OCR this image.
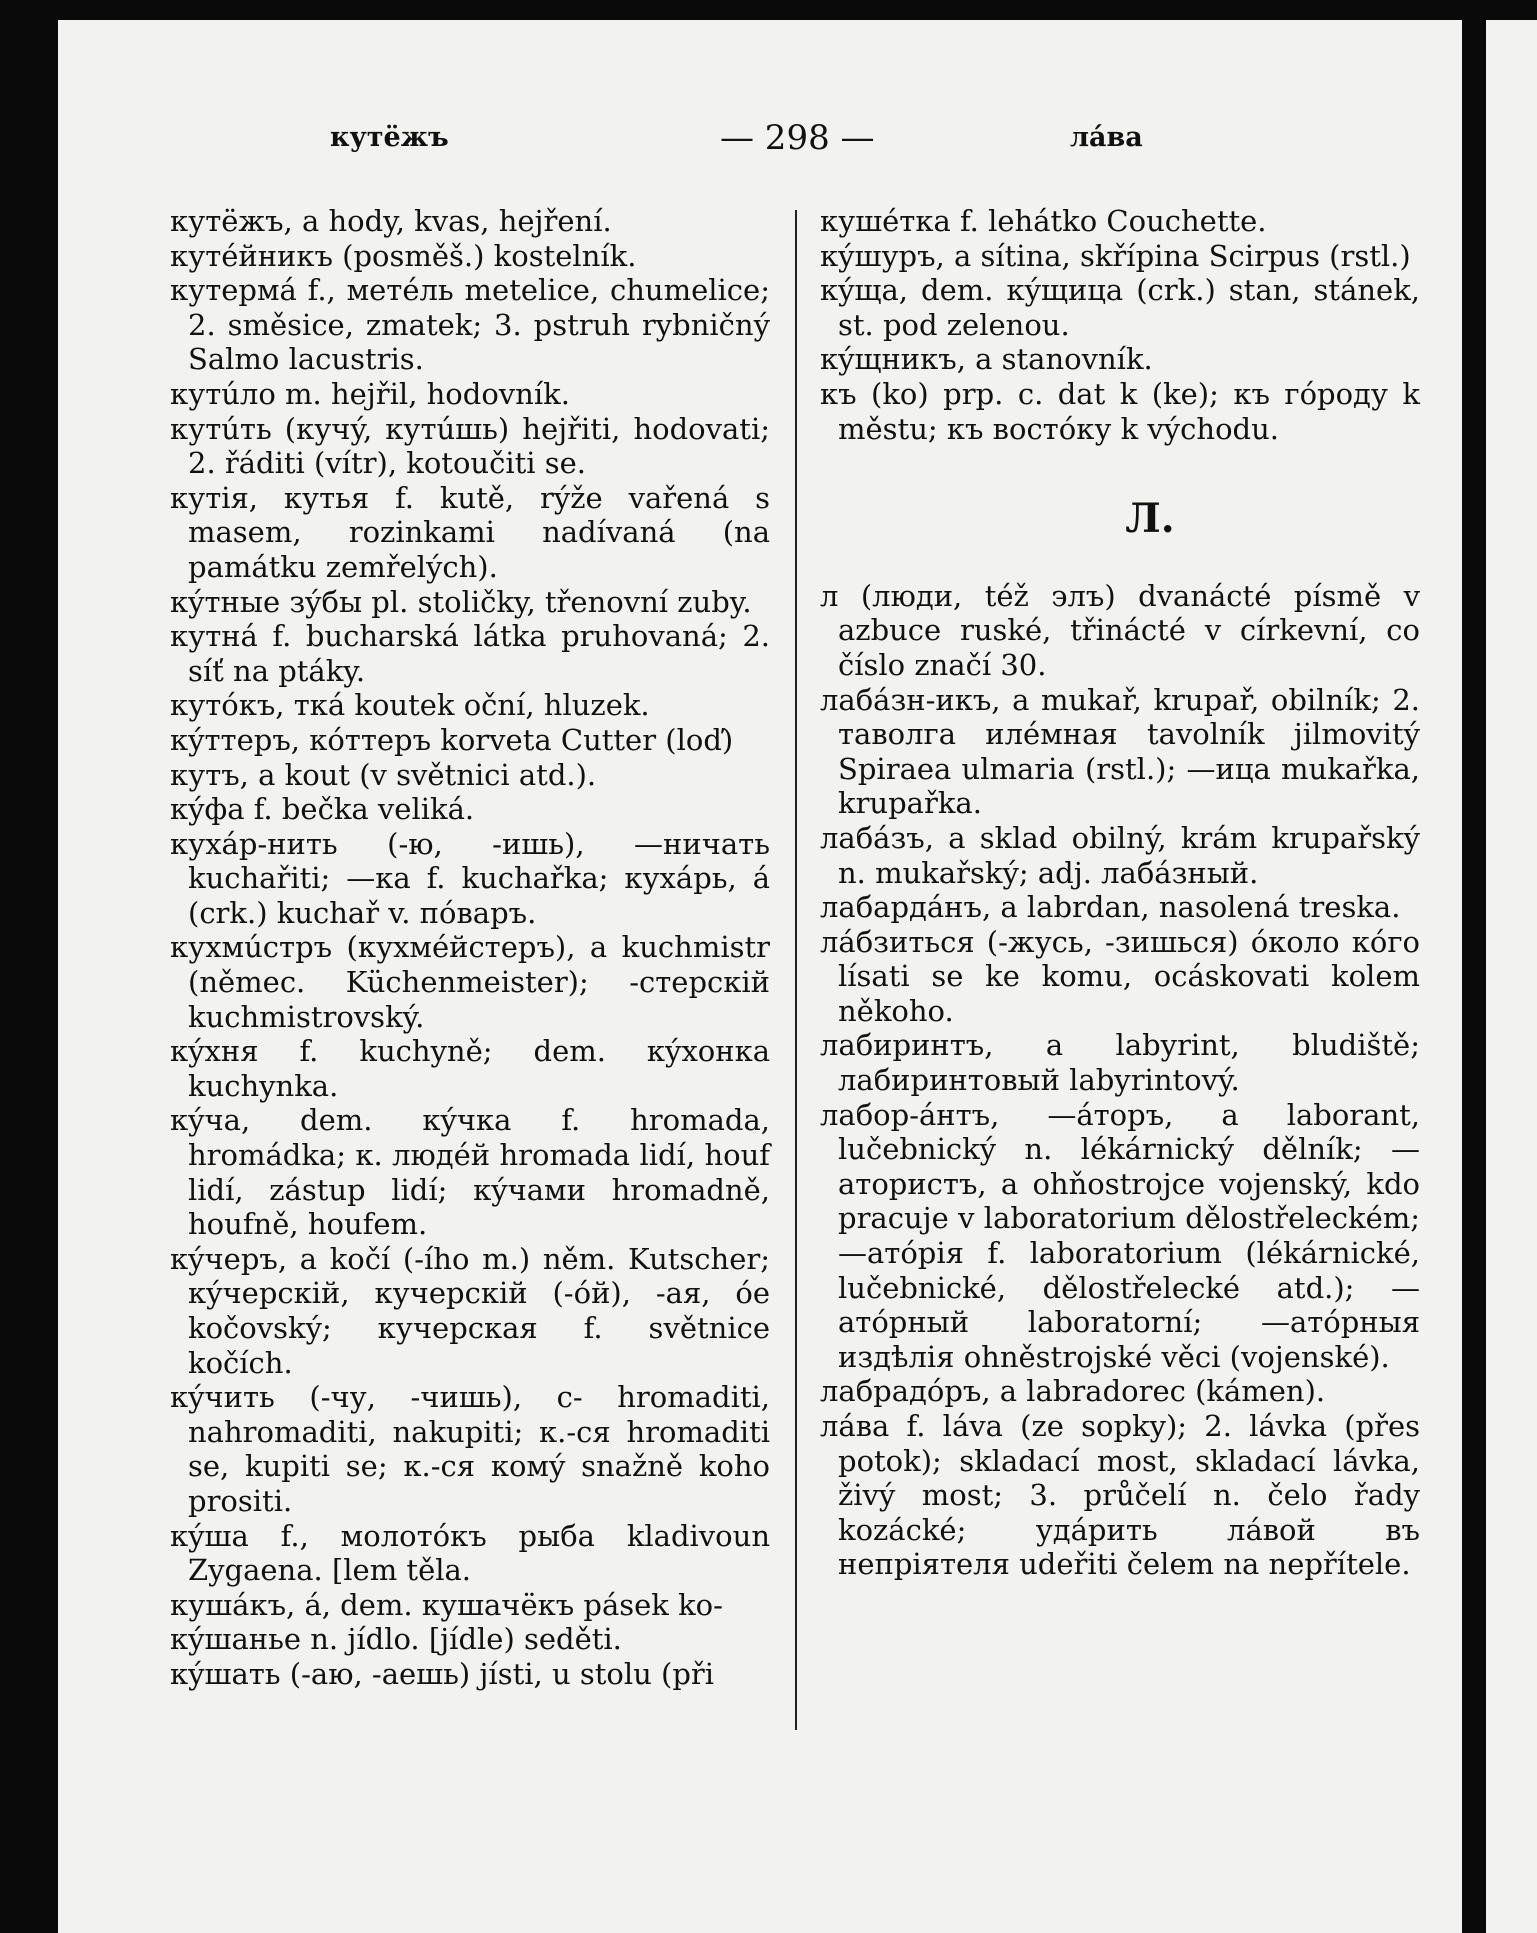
кутёжъ	— 298 —	лáва

кутёжъ, а hody, kvas, hejření.

кутéйникъ (posměš.) kostelník.

кутермá f., метéль metelice, chumelice; 2. směsice, zmatek; 3. pstruh rybničný Salmo lacustris.

кутúло m. hejřil, hodovník.

кутúть (кучý, кутúшь) hejřiti, hodovati; 2. řáditi (vítr), kotoučiti se.

кутiя, кутья f. kutě, rýže vařená s masem, rozinkami nadívaná (na památku zemřelých).

кýтные зýбы pl. stoličky, třenovní zuby.

кутнá f. bucharská látka pruhovaná; 2. síť na ptáky.

кутóкъ, ткá koutek oční, hluzek.

кýттеръ, кóттеръ korveta Cutter (loď)

кутъ, а kout (v světnici atd.).

кýфа f. bečka veliká.

кухáр-нить (-ю, -ишь), —ничать kuchařiti; —ка f. kuchařka; кухáрь, á (crk.) kuchař v. пóваръ.

кухмúстръ (кухмéйстеръ), a kuchmistr (němec. Küchenmeister); -стерскiй kuchmistrovský.

кýхня f. kuchyně; dem. кýхонка kuchynka.

кýча, dem. кýчка f. hromada, hromádka; к. людéй hromada lidí, houf lidí, zástup lidí; кýчами hromadně, houfně, houfem.

кýчеръ, а kočí (-ího m.) něm. Kutscher; кýчерскiй, кучерскiй (-óй), -ая, óе kočovský; кучерская f. světnice kočích.

кýчить (-чу, -чишь), с- hromaditi, nahromaditi, nakupiti; к.-ся hromaditi se, kupiti se; к.-ся комý snažně koho prositi.

кýша f., молотóкъ рыба kladivoun Zygaena. [lem těla.

кушáкъ, á, dem. кушачёкъ pásek ko-

кýшанье n. jídlo. [jídle) seděti.

кýшать (-аю, -аешь) jísti, u stolu (při

кушéтка f. lehátko Couchette.

кýшуръ, а sítina, skřípina Scirpus (rstl.)

кýща, dem. кýщица (crk.) stan, stánek, st. pod zelenou.

кýщникъ, а stanovník.

къ (ko) prp. c. dat k (ke); къ гóроду k městu; къ востóку k východu.

Л.

л (люди, též элъ) dvanácté písmě v azbuce ruské, třinácté v církevní, co číslo značí 30.

лабáзн-икъ, а mukař, krupař, obilník; 2. таволга илéмная tavolník jilmovitý Spiraea ulmaria (rstl.); —ица mukařka, krupařka.

лабáзъ, а sklad obilný, krám krupařský n. mukařský; adj. лабáзный.

лабардáнъ, а labrdan, nasolená treska.

лáбзиться (-жусь, -зишься) óколо кóго lísati se ke komu, ocáskovati kolem někoho.

лабиринтъ, а labyrint, bludiště; лабиринтовый labyrintový.

лабор-áнтъ, —áторъ, а laborant, lučebnický n. lékárnický dělník; —атористъ, а ohňostrojce vojenský, kdo pracuje v laboratorium dělostřeleckém; —атóрiя f. laboratorium (lékárnické, lučebnické, dělostřelecké atd.); —атóрный laboratorní; —атóрныя издѣлiя ohněstrojské věci (vojenské).

лабрадóръ, а labradorec (kámen).

лáва f. láva (ze sopky); 2. lávka (přes potok); skladací most, skladací lávka, živý most; 3. průčelí n. čelo řady kozácké; удáрить лáвой въ непрiятеля udeřiti čelem na nepřítele.
